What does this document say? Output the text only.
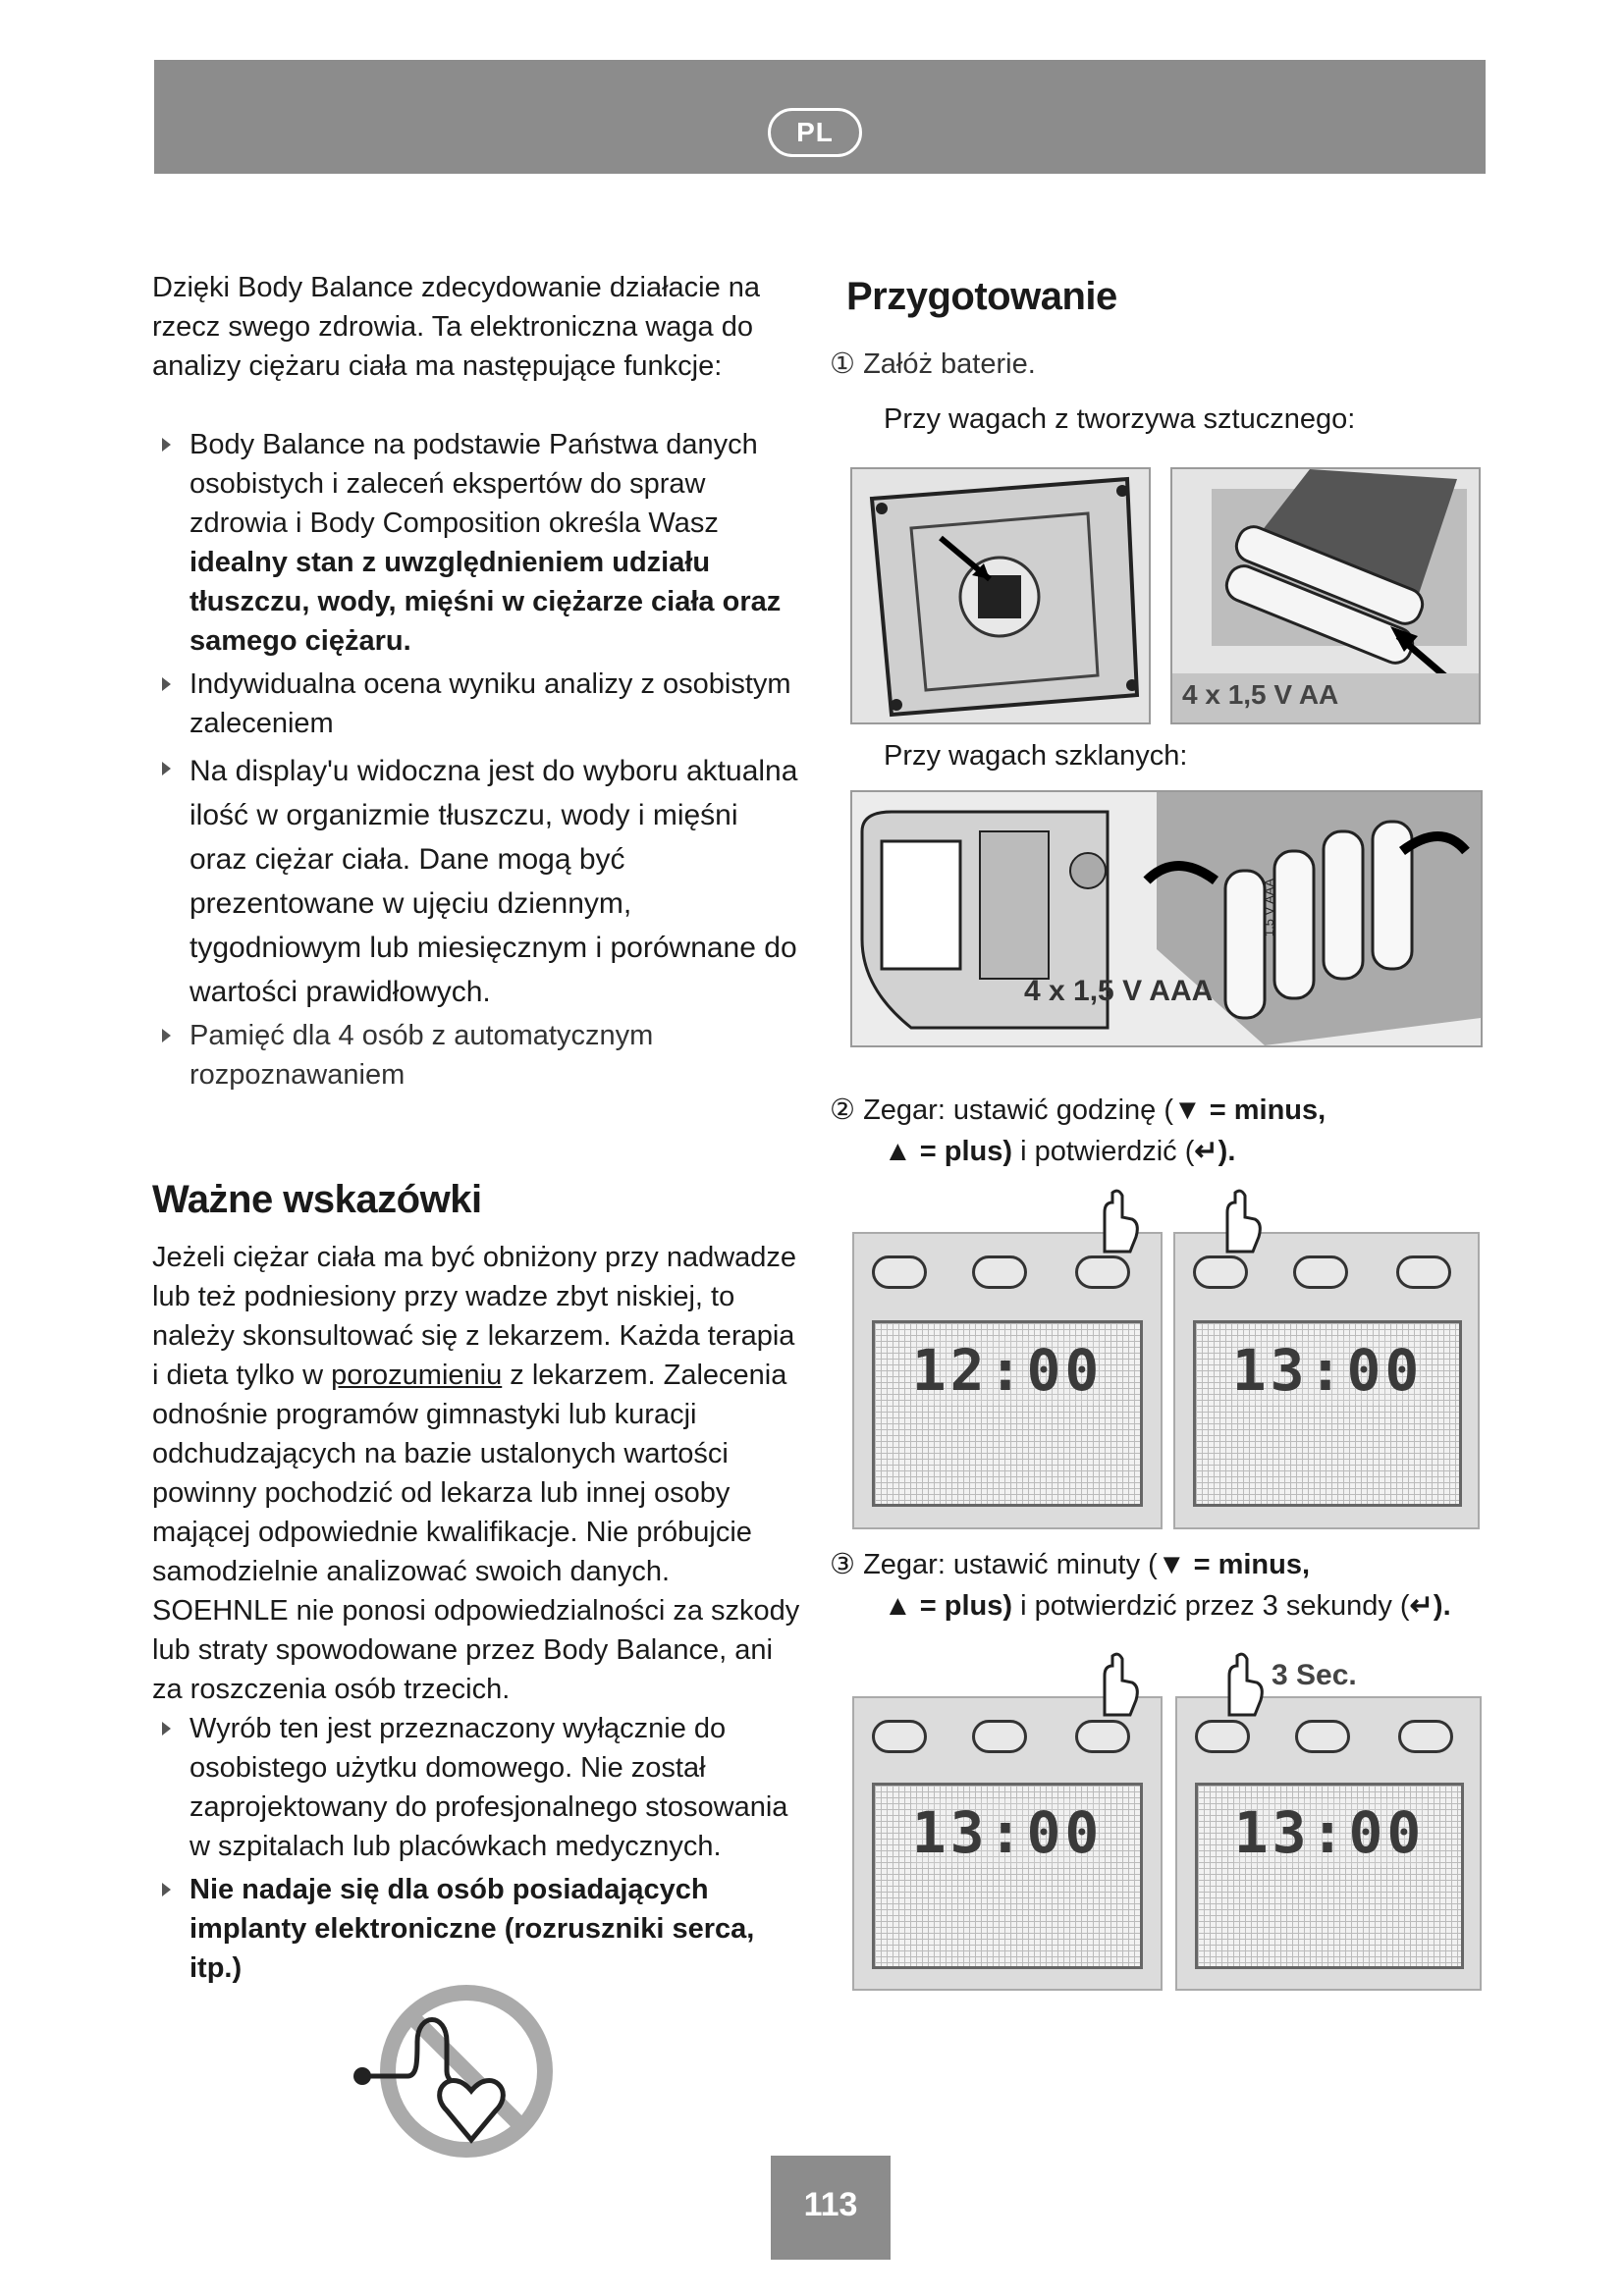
PL

Dzięki Body Balance zdecydowanie działacie na rzecz swego zdrowia. Ta elektroniczna waga do analizy ciężaru ciała ma następujące funkcje:

Body Balance na podstawie Państwa danych osobistych i zaleceń ekspertów do spraw zdrowia i Body Composition określa Wasz idealny stan z uwzględnieniem udziału tłuszczu, wody, mięśni w ciężarze ciała oraz samego ciężaru.

Indywidualna ocena wyniku analizy z osobistym zaleceniem

Na display'u widoczna jest do wyboru aktualna ilość w organizmie tłuszczu, wody i mięśni oraz ciężar ciała. Dane mogą być prezentowane w ujęciu dziennym, tygodniowym lub miesięcznym i porównane do wartości prawidłowych.

Pamięć dla 4 osób z automatycznym rozpoznawaniem

Ważne wskazówki

Jeżeli ciężar ciała ma być obniżony przy nadwadze lub też podniesiony przy wadze zbyt niskiej, to należy skonsultować się z lekarzem. Każda terapia i dieta tylko w porozumieniu z lekarzem. Zalecenia odnośnie programów gimnastyki lub kuracji odchudzających na bazie ustalonych wartości powinny pochodzić od lekarza lub innej osoby mającej odpowiednie kwalifikacje. Nie próbujcie samodzielnie analizować swoich danych.

SOEHNLE nie ponosi odpowiedzialności za szkody lub straty spowodowane przez Body Balance, ani za roszczenia osób trzecich.

Wyrób ten jest przeznaczony wyłącznie do osobistego użytku domowego. Nie został zaprojektowany do profesjonalnego stosowania w szpitalach lub placówkach medycznych.

Nie nadaje się dla osób posiadających implanty elektroniczne (rozruszniki serca, itp.)

Przygotowanie

① Załóż baterie.

Przy wagach z tworzywa sztucznego:

4 x 1,5 V AA

Przy wagach szklanych:

4 x 1,5 V AAA
1,5 V AAA

② Zegar: ustawić godzinę (▼ = minus,
▲ = plus) i potwierdzić (↵).

12:00	13:00

③ Zegar: ustawić minuty (▼ = minus,
▲ = plus) i potwierdzić przez 3 sekundy (↵).

3 Sec.
13:00	13:00
113
